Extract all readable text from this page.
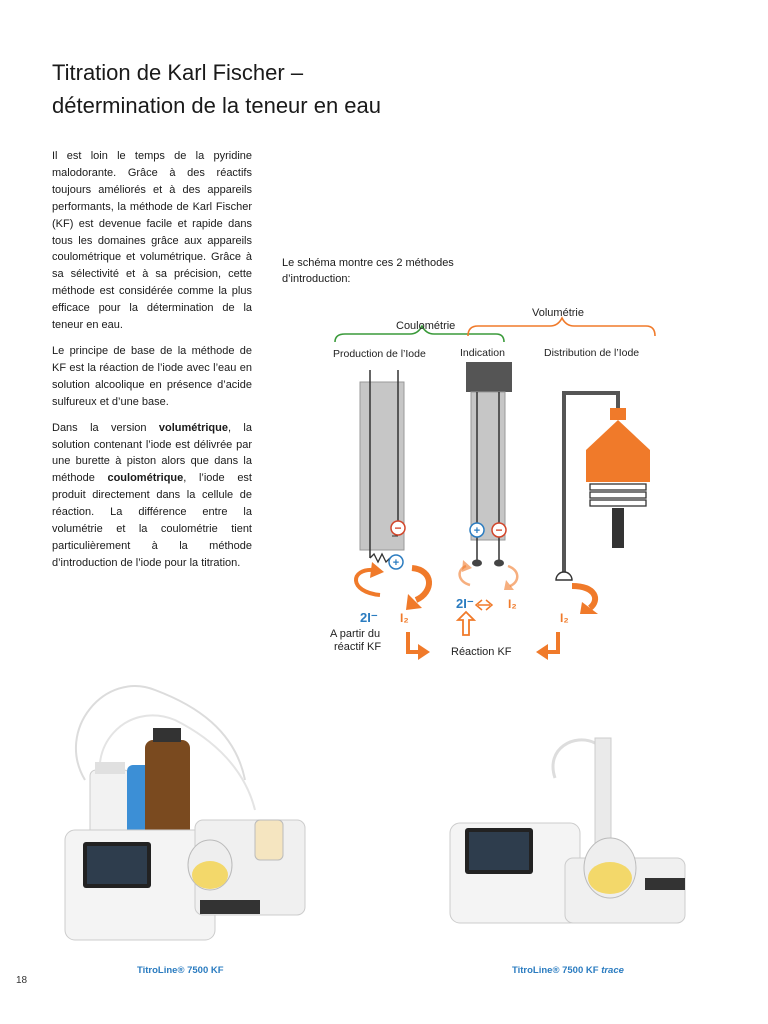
Titration de Karl Fischer –
détermination de la teneur en eau

Il est loin le temps de la pyridine malodorante. Grâce à des réactifs toujours améliorés et à des appareils performants, la méthode de Karl Fischer (KF) est devenue facile et rapide dans tous les domaines grâce aux appareils coulométrique et volumétrique. Grâce à sa sélectivité et à sa précision, cette méthode est considérée comme la plus efficace pour la détermination de la teneur en eau.

Le principe de base de la méthode de KF est la réaction de l’iode avec l’eau en solution alcoolique en présence d’acide sulfureux et d’une base.

Dans la version volumétrique, la solution contenant l’iode est délivrée par une burette à piston alors que dans la méthode coulométrique, l’iode est produit directement dans la cellule de réaction. La différence entre la volumétrie et la coulométrie tient particulièrement à la méthode d’introduction de l’iode pour la titration.

Le schéma montre ces 2 méthodes d’introduction:
Coulométrie
Volumétrie
Production de l’Iode	Indication	Distribution de l’Iode
−
+
+ −
2I⁻ I₂
2I⁻	I₂
I₂
A partir du
réactif KF	Réaction KF
TitroLine® 7500 KF	TitroLine® 7500 KF trace
18
